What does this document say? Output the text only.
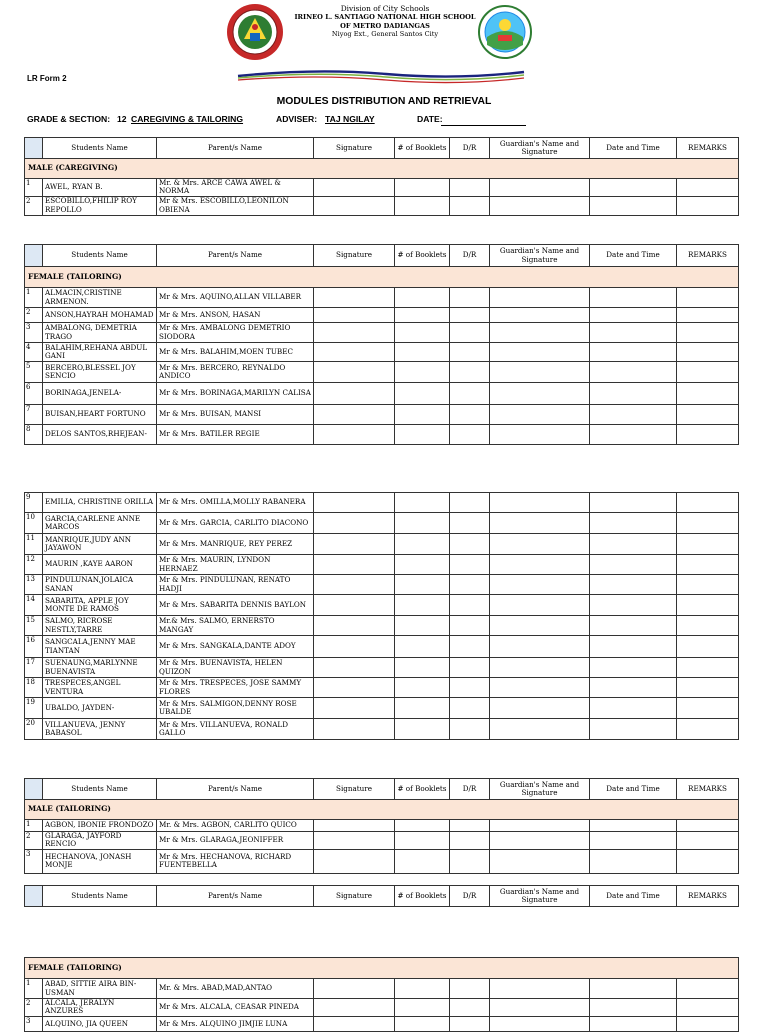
Division of City Schools
IRINEO L. SANTIAGO NATIONAL HIGH SCHOOL
OF METRO DADIANGAS
Niyog Ext., General Santos City
LR Form 2
MODULES DISTRIBUTION AND RETRIEVAL
GRADE & SECTION: 12 CAREGIVING & TAILORING	ADVISER: TAJ NGILAY	DATE:
	Students Name	Parent/s Name	Signature	# of Booklets	D/R	Guardian's Name and Signature	Date and Time	REMARKS
MALE (CAREGIVING)								
1	AWEL, RYAN B.	Mr. & Mrs. ARCE CAWA AWEL & NORMA						
2	ESCOBILLO,FHILIP ROY REPOLLO	Mr & Mrs. ESCOBILLO,LEONILON OBIENA						
	Students Name	Parent/s Name	Signature	# of Booklets	D/R	Guardian's Name and Signature	Date and Time	REMARKS
FEMALE (TAILORING)								
1	ALMACIN,CRISTINE ARMENON.	Mr & Mrs. AQUINO,ALLAN VILLABER						
2	ANSON,HAYRAH MOHAMAD	Mr & Mrs. ANSON, HASAN						
3	AMBALONG, DEMETRIA TRAGO	Mr & Mrs. AMBALONG DEMETRIO SIODORA						
4	BALAHIM,REHANA ABDUL GANI	Mr & Mrs. BALAHIM,MOEN TUBEC						
5	BERCERO,BLESSEL JOY SENCIO	Mr & Mrs. BERCERO, REYNALDO ANDICO						
6	BORINAGA,JENELA-	Mr & Mrs. BORINAGA,MARILYN CALISA						
7	BUISAN,HEART FORTUNO	Mr & Mrs. BUISAN, MANSI						
8	DELOS SANTOS,RHEJEAN-	Mr & Mrs. BATILER REGIE						
9	EMILIA, CHRISTINE ORILLA	Mr & Mrs. OMILLA,MOLLY RABANERA						
10	GARCIA,CARLENE ANNE MARCOS	Mr & Mrs. GARCIA, CARLITO DIACONO						
11	MANRIQUE,JUDY ANN JAYAWON	Mr & Mrs. MANRIQUE, REY PEREZ						
12	MAURIN ,KAYE AARON	Mr & Mrs. MAURIN, LYNDON HERNAEZ						
13	PINDULUNAN,JOLAICA SANAN	Mr & Mrs. PINDULUNAN, RENATO HADJI						
14	SABARITA, APPLE JOY MONTE DE RAMOS	Mr & Mrs. SABARITA DENNIS BAYLON						
15	SALMO, RICROSE NESTLY,TARRE	Mr.& Mrs. SALMO, ERNERSTO MANGAY						
16	SANGCALA,JENNY MAE TIANTAN	Mr & Mrs. SANGKALA,DANTE ADOY						
17	SUENAUNG,MARLYNNE BUENAVISTA	Mr & Mrs. BUENAVISTA, HELEN QUIZON						
18	TRESPECES,ANGEL VENTURA	Mr & Mrs. TRESPECES, JOSE SAMMY FLORES						
19	UBALDO, JAYDEN-	Mr & Mrs. SALMIGON,DENNY ROSE UBALDE						
20	VILLANUEVA, JENNY BABASOL	Mr & Mrs. VILLANUEVA, RONALD GALLO						
	Students Name	Parent/s Name	Signature	# of Booklets	D/R	Guardian's Name and Signature	Date and Time	REMARKS
MALE (TAILORING)								
1	AGBON, IBONIE FRONDOZO	Mr. & Mrs. AGBON, CARLITO QUICO						
2	GLARAGA, JAYFORD RENCIO	Mr & Mrs. GLARAGA,JEONIFFER						
3	HECHANOVA, JONASH MONJE	Mr & Mrs. HECHANOVA, RICHARD FUENTEBELLA						
	Students Name	Parent/s Name	Signature	# of Booklets	D/R	Guardian's Name and Signature	Date and Time	REMARKS
FEMALE (TAILORING)								
1	ABAD, SITTIE AIRA BIN-USMAN	Mr. & Mrs. ABAD,MAD,ANTAO						
2	ALCALA, JERALYN ANZURES	Mr & Mrs. ALCALA, CEASAR PINEDA						
3	ALQUINO, JIA QUEEN	Mr & Mrs. ALQUINO JIMJIE LUNA						
